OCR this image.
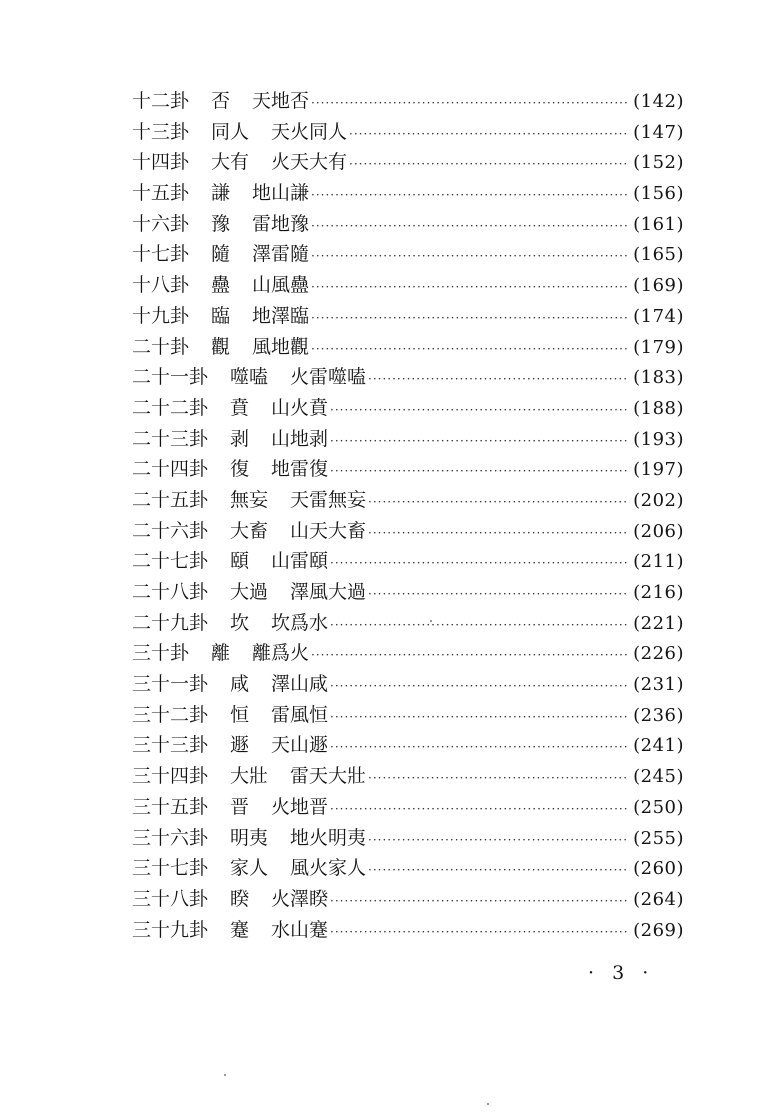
十二卦 否 天地否 ·····	(142)
十三卦 同人 天火同人 ·····	(147)
十四卦 大有 火天大有 ·····	(152)
十五卦 謙 地山謙 ·····	(156)
十六卦 豫 雷地豫 ·····	(161)
十七卦 隨 澤雷隨 ·····	(165)
十八卦 蠱 山風蠱 ·····	(169)
十九卦 臨 地澤臨 ·····	(174)
二十卦 觀 風地觀 ·····	(179)
二十一卦 噬嗑 火雷噬嗑 ·····	(183)
二十二卦 賁 山火賁 ·····	(188)
二十三卦 剥 山地剥 ·····	(193)
二十四卦 復 地雷復 ·····	(197)
二十五卦 無妄 天雷無妄 ·····	(202)
二十六卦 大畜 山天大畜 ·····	(206)
二十七卦 頤 山雷頤 ·····	(211)
二十八卦 大過 澤風大過 ·····	(216)
二十九卦 坎 坎爲水 ·····	(221)
三十卦 離 離爲火 ·····	(226)
三十一卦 咸 澤山咸 ·····	(231)
三十二卦 恒 雷風恒 ·····	(236)
三十三卦 遯 天山遯 ·····	(241)
三十四卦 大壯 雷天大壯 ·····	(245)
三十五卦 晋 火地晋 ·····	(250)
三十六卦 明夷 地火明夷 ·····	(255)
三十七卦 家人 風火家人 ·····	(260)
三十八卦 睽 火澤睽 ·····	(264)
三十九卦 蹇 水山蹇 ·····	(269)
· 3 ·
